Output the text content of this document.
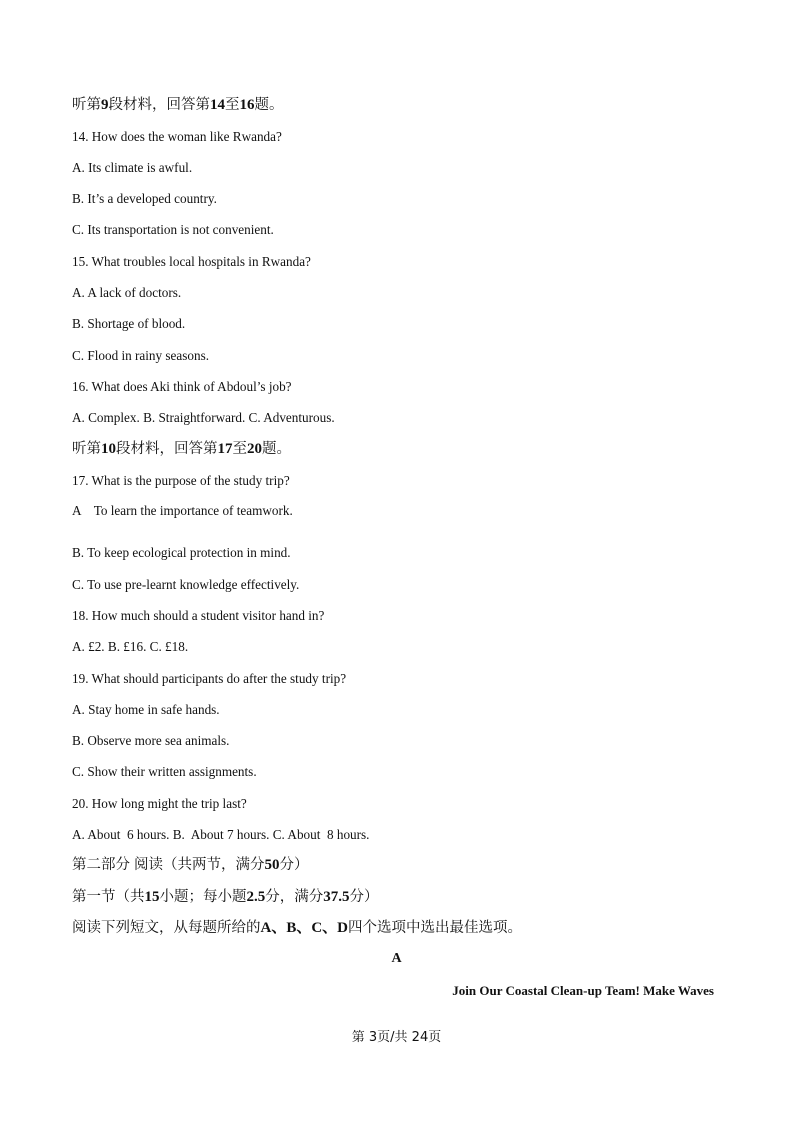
听第9段材料，回答第14至16题。
14. How does the woman like Rwanda?
A. Its climate is awful.
B. It’s a developed country.
C. Its transportation is not convenient.
15. What troubles local hospitals in Rwanda?
A. A lack of doctors.
B. Shortage of blood.
C. Flood in rainy seasons.
16. What does Aki think of Abdoul’s job?
A. Complex. B. Straightforward. C. Adventurous.
听第10段材料，回答第17至20题。
17. What is the purpose of the study trip?
A    To learn the importance of teamwork.
B. To keep ecological protection in mind.
C. To use pre-learnt knowledge effectively.
18. How much should a student visitor hand in?
A. £2. B. £16. C. £18.
19. What should participants do after the study trip?
A. Stay home in safe hands.
B. Observe more sea animals.
C. Show their written assignments.
20. How long might the trip last?
A. About  6 hours. B.  About 7 hours. C. About  8 hours.
第二部分 阅读（共两节，满分50分）
第一节（共15小题；每小题2.5分，满分37.5分）
阅读下列短文，从每题所给的A、B、C、D四个选项中选出最佳选项。
A
Join Our Coastal Clean-up Team! Make Waves
第 3页/共 24页
